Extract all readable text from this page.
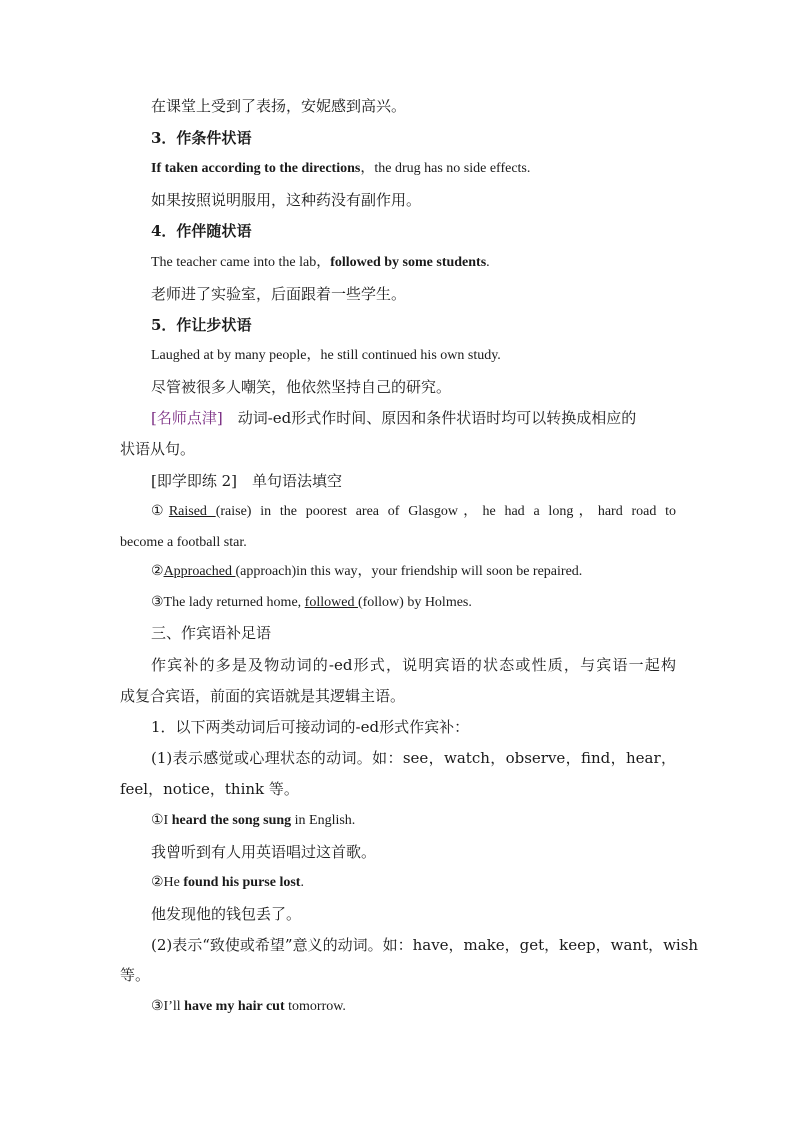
在课堂上受到了表扬，安妮感到高兴。
3．作条件状语
If taken according to the directions，the drug has no side effects.
如果按照说明服用，这种药没有副作用。
4．作伴随状语
The teacher came into the lab，followed by some students.
老师进了实验室，后面跟着一些学生。
5．作让步状语
Laughed at by many people，he still continued his own study.
尽管被很多人嘲笑，他依然坚持自己的研究。
[名师点津]　动词-ed形式作时间、原因和条件状语时均可以转换成相应的
状语从句。
[即学即练 2]　单句语法填空
①Raised (raise) in the poorest area of Glasgow，he had a long，hard road to
become a football star.
②Approached (approach)in this way，your friendship will soon be repaired.
③The lady returned home, followed (follow) by Holmes.
三、作宾语补足语
作宾补的多是及物动词的-ed形式，说明宾语的状态或性质，与宾语一起构
成复合宾语，前面的宾语就是其逻辑主语。
1．以下两类动词后可接动词的-ed形式作宾补：
(1)表示感觉或心理状态的动词。如：see，watch，observe，find，hear，
feel，notice，think 等。
①I heard the song sung in English.
我曾听到有人用英语唱过这首歌。
②He found his purse lost.
他发现他的钱包丢了。
(2)表示“致使或希望”意义的动词。如：have，make，get，keep，want，wish
等。
③I’ll have my hair cut tomorrow.
